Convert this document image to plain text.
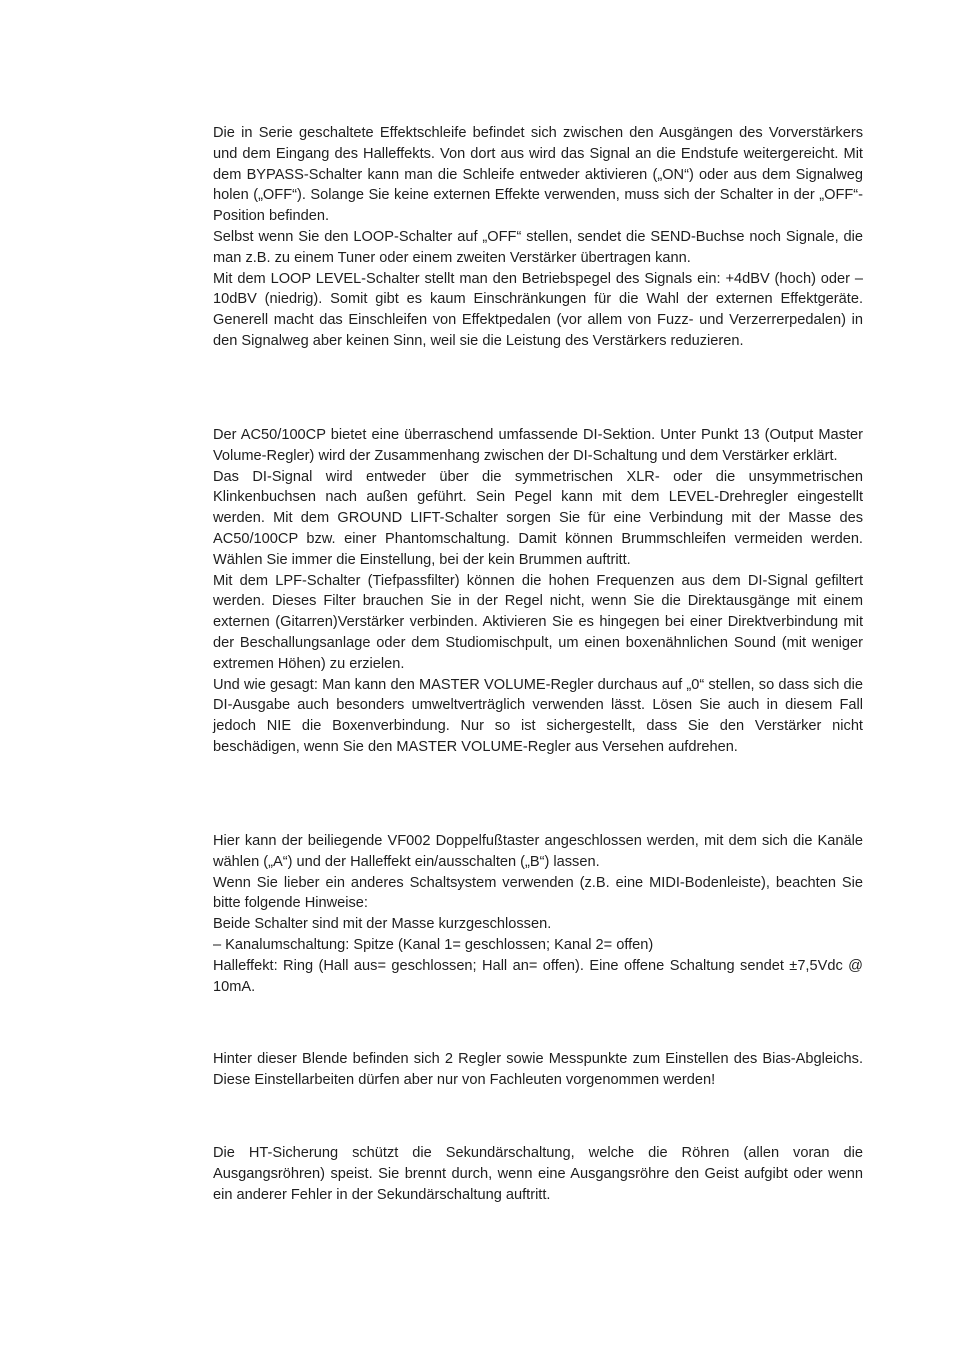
Die in Serie geschaltete Effektschleife befindet sich zwischen den Ausgängen des Vorverstärkers und dem Eingang des Halleffekts. Von dort aus wird das Signal an die Endstufe weitergereicht. Mit dem BYPASS-Schalter kann man die Schleife entweder aktivieren („ON“) oder aus dem Signalweg holen („OFF“). Solange Sie keine externen Effekte verwenden, muss sich der Schalter in der „OFF“-Position befinden.

Selbst wenn Sie den LOOP-Schalter auf „OFF“ stellen, sendet die SEND-Buchse noch Signale, die man z.B. zu einem Tuner oder einem zweiten Verstärker übertragen kann.

Mit dem LOOP LEVEL-Schalter stellt man den Betriebspegel des Signals ein: +4dBV (hoch) oder –10dBV (niedrig). Somit gibt es kaum Einschränkungen für die Wahl der externen Effektgeräte. Generell macht das Einschleifen von Effektpedalen (vor allem von Fuzz- und Verzerrerpedalen) in den Signalweg aber keinen Sinn, weil sie die Leistung des Verstärkers reduzieren.

Der AC50/100CP bietet eine überraschend umfassende DI-Sektion. Unter Punkt 13 (Output Master Volume-Regler) wird der Zusammenhang zwischen der DI-Schaltung und dem Verstärker erklärt.

Das DI-Signal wird entweder über die symmetrischen XLR- oder die unsymmetrischen Klinkenbuchsen nach außen geführt. Sein Pegel kann mit dem LEVEL-Drehregler eingestellt werden. Mit dem GROUND LIFT-Schalter sorgen Sie für eine Verbindung mit der Masse des AC50/100CP bzw. einer Phantomschaltung. Damit können Brummschleifen vermeiden werden. Wählen Sie immer die Einstellung, bei der kein Brummen auftritt.

Mit dem LPF-Schalter (Tiefpassfilter) können die hohen Frequenzen aus dem DI-Signal gefiltert werden. Dieses Filter brauchen Sie in der Regel nicht, wenn Sie die Direktausgänge mit einem externen (Gitarren)Verstärker verbinden. Aktivieren Sie es hingegen bei einer Direktverbindung mit der Beschallungsanlage oder dem Studiomischpult, um einen boxenähnlichen Sound (mit weniger extremen Höhen) zu erzielen.

Und wie gesagt: Man kann den MASTER VOLUME-Regler durchaus auf „0“ stellen, so dass sich die DI-Ausgabe auch besonders umweltverträglich verwenden lässt. Lösen Sie auch in diesem Fall jedoch NIE die Boxenverbindung. Nur so ist sichergestellt, dass Sie den Verstärker nicht beschädigen, wenn Sie den MASTER VOLUME-Regler aus Versehen aufdrehen.

Hier kann der beiliegende VF002 Doppelfußtaster angeschlossen werden, mit dem sich die Kanäle wählen („A“) und der Halleffekt ein/ausschalten („B“) lassen.

Wenn Sie lieber ein anderes Schaltsystem verwenden (z.B. eine MIDI-Bodenleiste), beachten Sie bitte folgende Hinweise:

Beide Schalter sind mit der Masse kurzgeschlossen.

– Kanalumschaltung: Spitze (Kanal 1= geschlossen; Kanal 2= offen)

Halleffekt: Ring (Hall aus= geschlossen; Hall an= offen). Eine offene Schaltung sendet ±7,5Vdc @ 10mA.

Hinter dieser Blende befinden sich 2 Regler sowie Messpunkte zum Einstellen des Bias-Abgleichs. Diese Einstellarbeiten dürfen aber nur von Fachleuten vorgenommen werden!

Die HT-Sicherung schützt die Sekundärschaltung, welche die Röhren (allen voran die Ausgangsröhren) speist. Sie brennt durch, wenn eine Ausgangsröhre den Geist aufgibt oder wenn ein anderer Fehler in der Sekundärschaltung auftritt.
